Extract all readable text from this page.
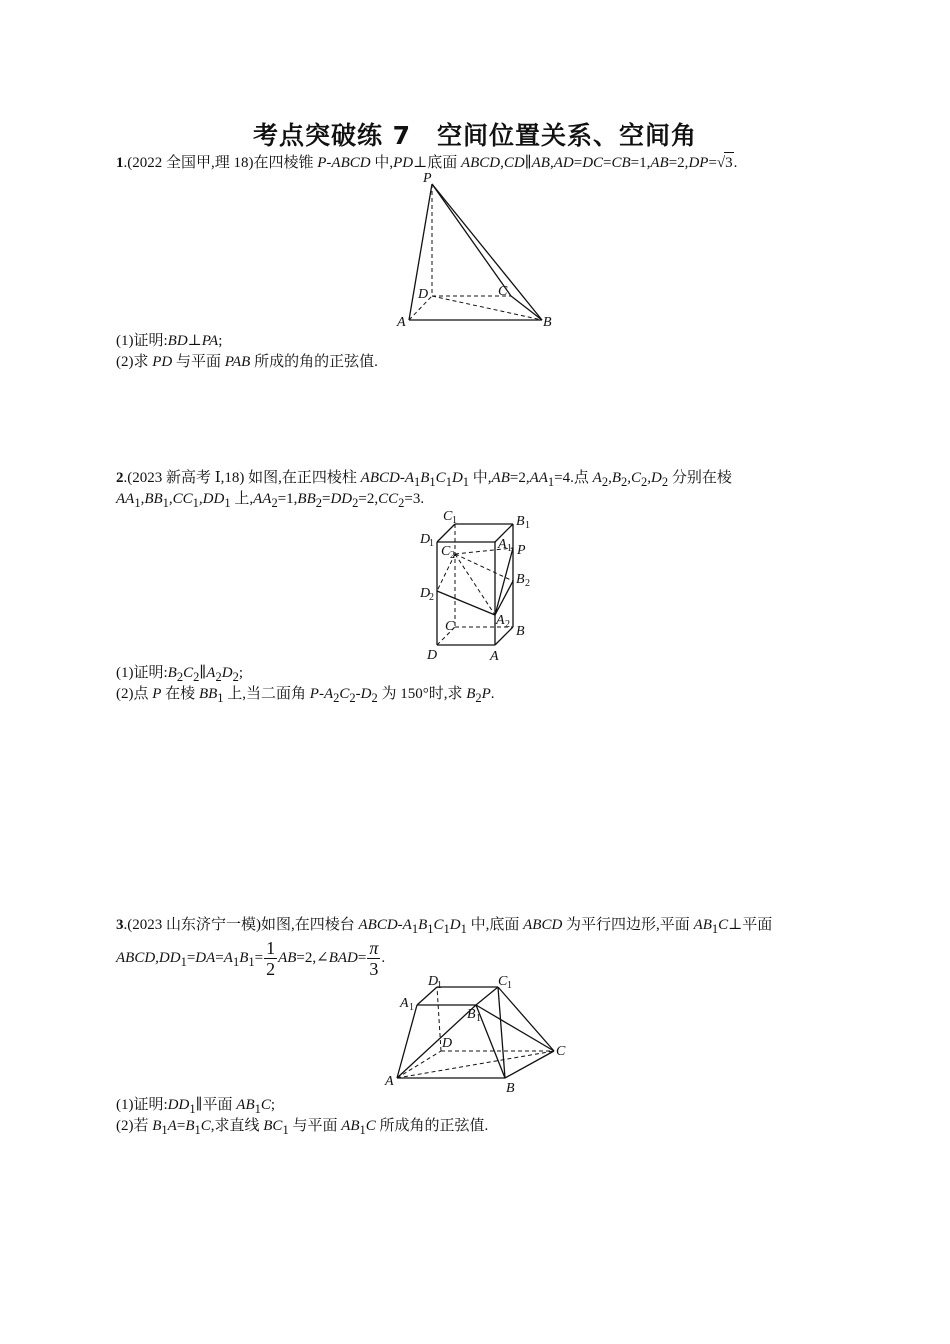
考点突破练 7　空间位置关系、空间角
1.(2022 全国甲,理 18)在四棱锥 P-ABCD 中,PD⊥底面 ABCD,CD∥AB,AD=DC=CB=1,AB=2,DP=√3.
P
D	C
A	B
(1)证明:BD⊥PA;
(2)求 PD 与平面 PAB 所成的角的正弦值.
2.(2023 新高考 Ⅰ,18) 如图,在正四棱柱 ABCD-$A_1B_1C_1D_1$ 中$,AB=2,AA_1=4$.点 $A_2,B_2,C_2,D_2$ 分别在棱
$AA_1,BB_1,CC_1,DD_1$ 上$,AA_2=1,BB_2=DD_2=2,CC_2=3$.
C 1	B 1
D
1	A 1
C 2	P
B 2
D
2
A 2
C	B
D	A
(1)证明$:B_2C_2\parallel A_2D_2$;
(2)点 P 在棱 $BB_1$ 上,当二面角 $P-A_2C_2-D_2$ 为 150°时,求 $B_2P$.
3.(2023 山东济宁一模)如图,在四棱台 ABCD-$A_1B_1C_1D_1$ 中,底面 ABCD 为平行四边形,平面 $AB_1C\perp$平面
$ABCD,DD_1=DA=A_1B_1= \frac{1}{2}$ AB=2,∠BAD= $\frac{\pi}{3}$ .
D
1	C 1
A 1	B 1
D
C
A	B
(1)证明$:DD_1\parallel$平面 $AB_1C$;
(2)若 $B_1A=B_1C$,求直线 $BC_1$ 与平面 $AB_1C$ 所成角的正弦值.
